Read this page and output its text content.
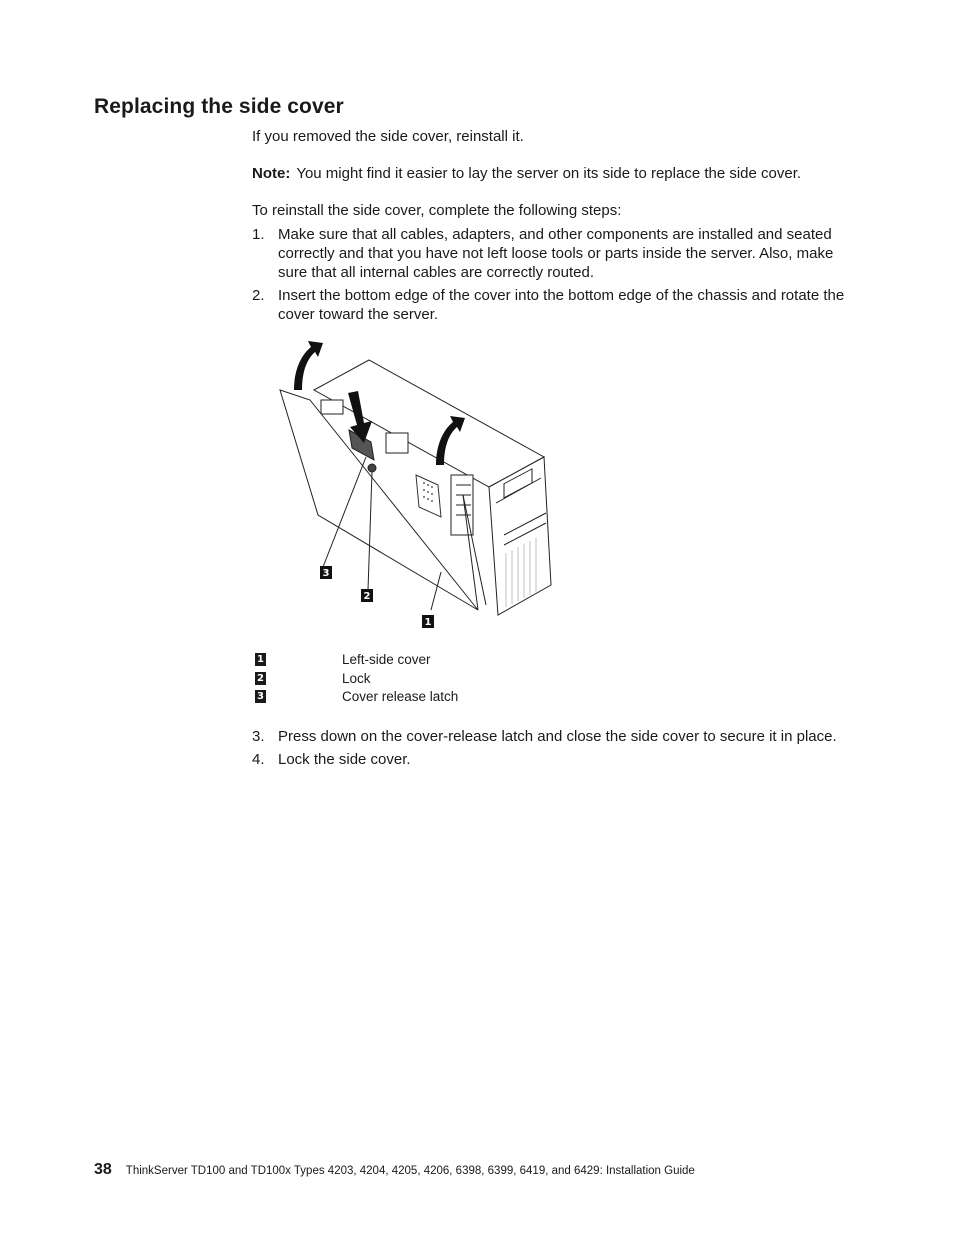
Replacing the side cover

If you removed the side cover, reinstall it.

Note: You might find it easier to lay the server on its side to replace the side cover.

To reinstall the side cover, complete the following steps:

1. Make sure that all cables, adapters, and other components are installed and seated correctly and that you have not left loose tools or parts inside the server. Also, make sure that all internal cables are correctly routed.
2. Insert the bottom edge of the cover into the bottom edge of the chassis and rotate the cover toward the server.
3
2
1
1	Left-side cover
2	Lock
3	Cover release latch
3. Press down on the cover-release latch and close the side cover to secure it in place.
4. Lock the side cover.
38 ThinkServer TD100 and TD100x Types 4203, 4204, 4205, 4206, 6398, 6399, 6419, and 6429: Installation Guide
